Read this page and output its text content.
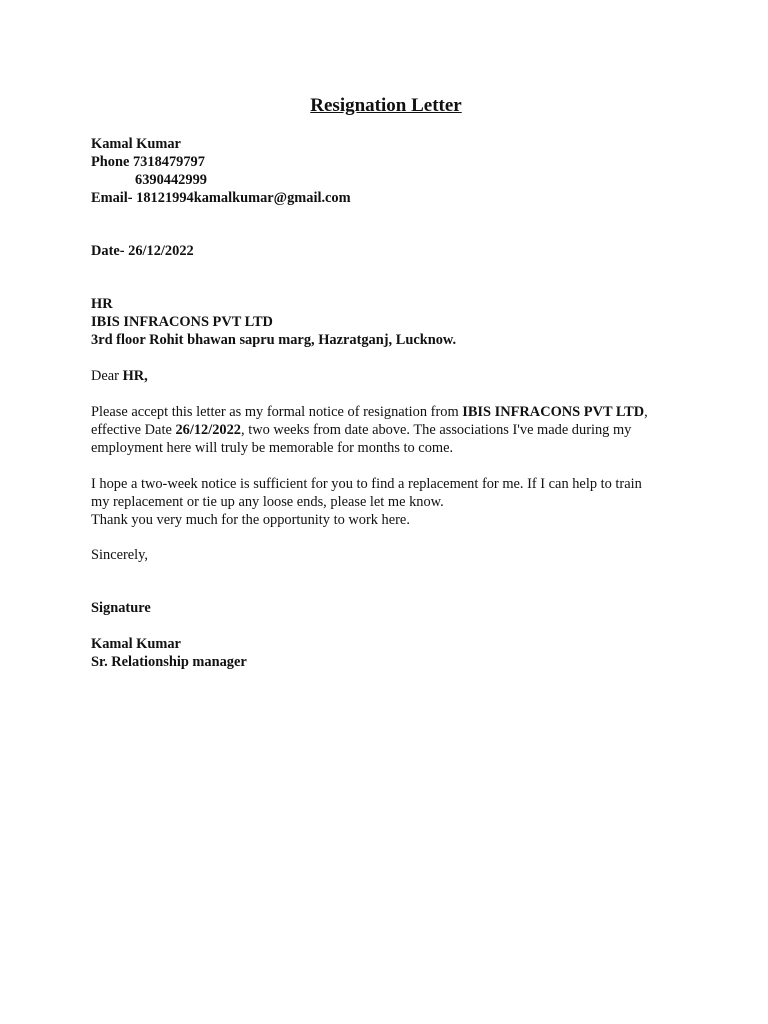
Resignation Letter
Kamal Kumar
Phone 7318479797
6390442999
Email- 18121994kamalkumar@gmail.com
Date- 26/12/2022
HR
IBIS INFRACONS PVT LTD
3rd floor Rohit bhawan sapru marg, Hazratganj, Lucknow.
Dear HR,
Please accept this letter as my formal notice of resignation from IBIS INFRACONS PVT LTD,
effective Date 26/12/2022, two weeks from date above. The associations I've made during my
employment here will truly be memorable for months to come.
I hope a two-week notice is sufficient for you to find a replacement for me. If I can help to train
my replacement or tie up any loose ends, please let me know.
Thank you very much for the opportunity to work here.
Sincerely,
Signature
Kamal Kumar
Sr. Relationship manager
